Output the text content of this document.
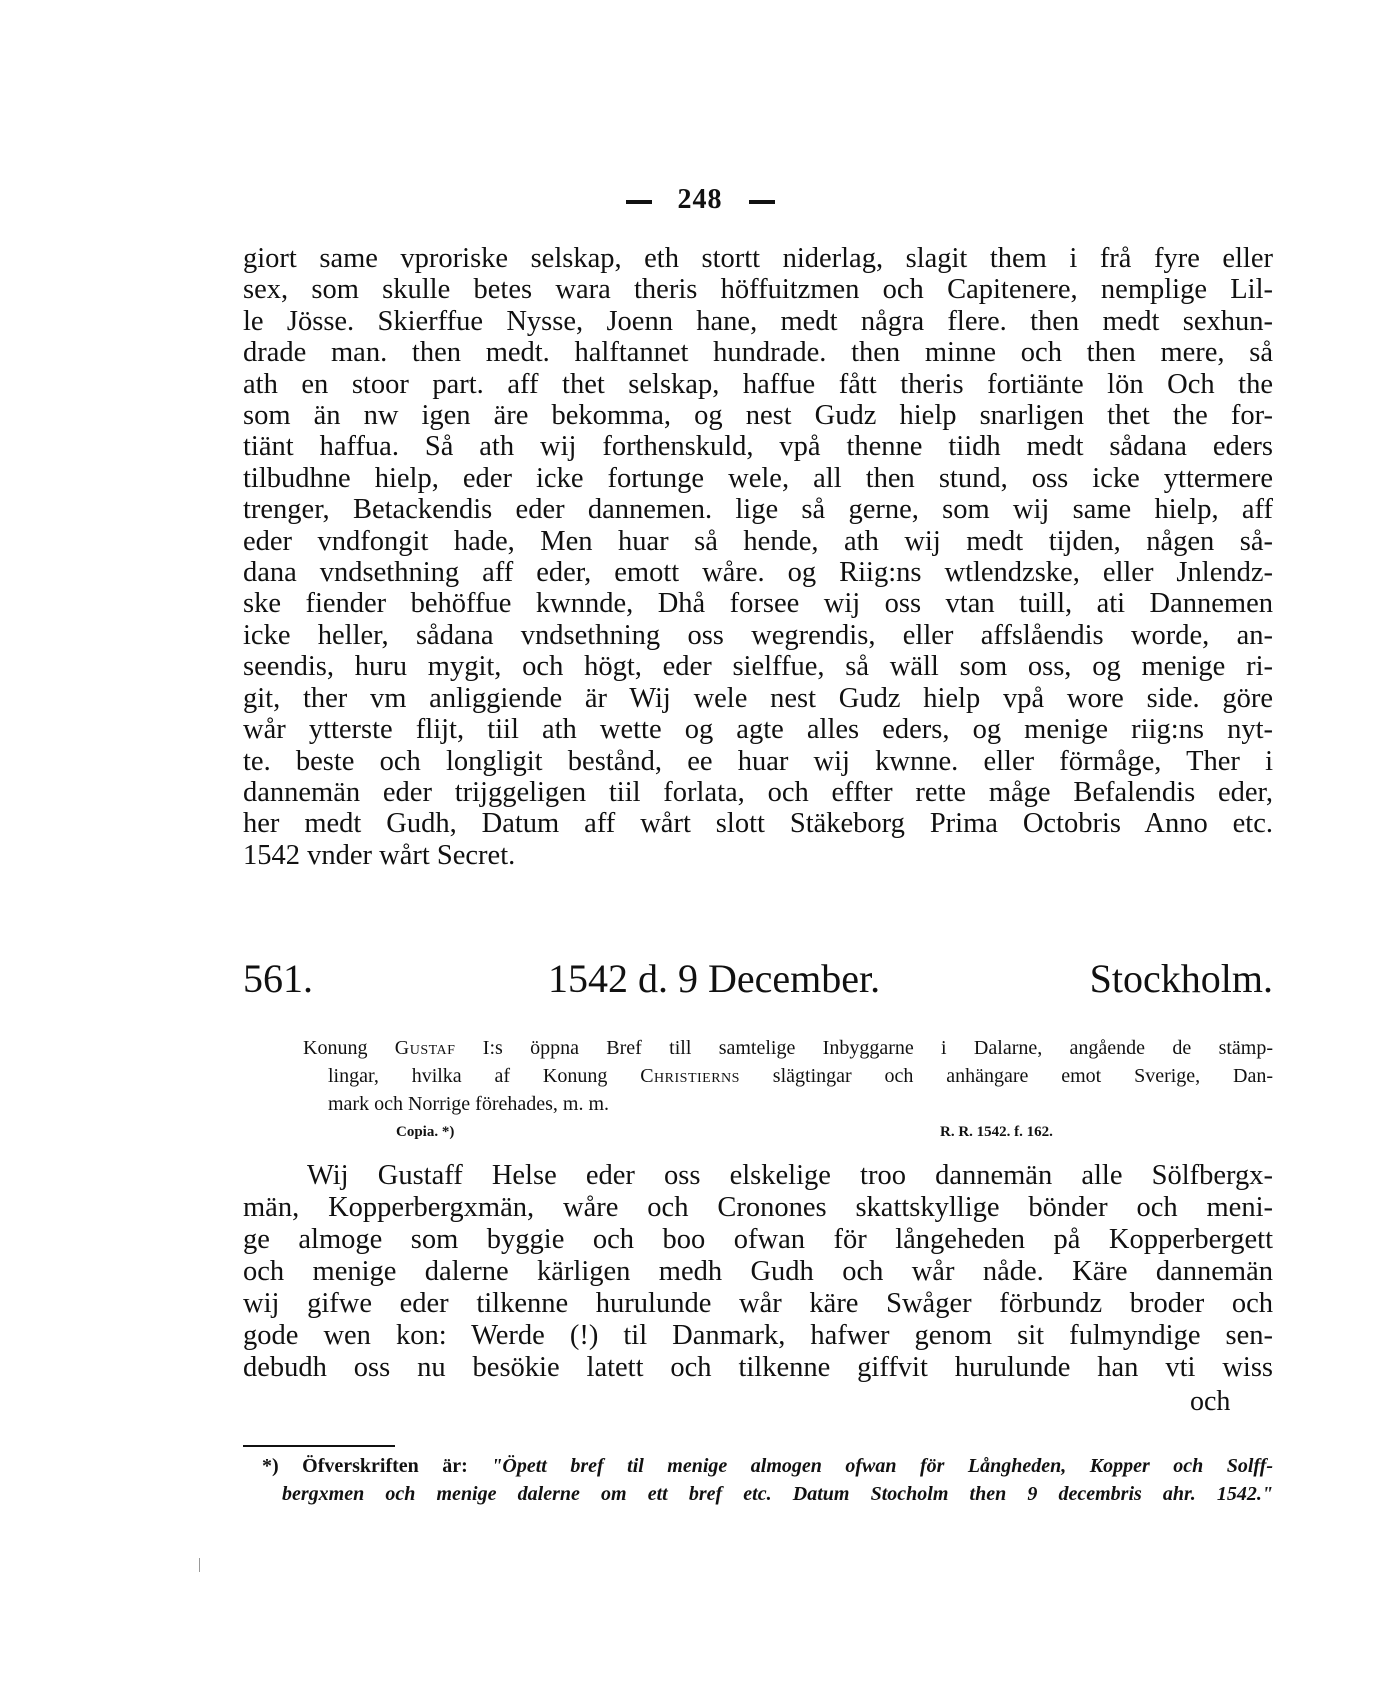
248
giort same vproriske selskap, eth stortt niderlag, slagit them i frå fyre eller
sex, som skulle betes wara theris höffuitzmen och Capitenere, nemplige Lil-
le Jösse. Skierffue Nysse, Joenn hane, medt några flere. then medt sexhun-
drade man. then medt. halftannet hundrade. then minne och then mere, så
ath en stoor part. aff thet selskap, haffue fått theris fortiänte lön Och the
som än nw igen äre bekomma, og nest Gudz hielp snarligen thet the for-
tiänt haffua. Så ath wij forthenskuld, vpå thenne tiidh medt sådana eders
tilbudhne hielp, eder icke fortunge wele, all then stund, oss icke yttermere
trenger, Betackendis eder dannemen. lige så gerne, som wij same hielp, aff
eder vndfongit hade, Men huar så hende, ath wij medt tijden, någen så-
dana vndsethning aff eder, emott wåre. og Riig:ns wtlendzske, eller Jnlendz-
ske fiender behöffue kwnnde, Dhå forsee wij oss vtan tuill, ati Dannemen
icke heller, sådana vndsethning oss wegrendis, eller affslåendis worde, an-
seendis, huru mygit, och högt, eder sielffue, så wäll som oss, og menige ri-
git, ther vm anliggiende är Wij wele nest Gudz hielp vpå wore side. göre
wår ytterste flijt, tiil ath wette og agte alles eders, og menige riig:ns nyt-
te. beste och longligit bestånd, ee huar wij kwnne. eller förmåge, Ther i
dannemän eder trijggeligen tiil forlata, och effter rette måge Befalendis eder,
her medt Gudh, Datum aff wårt slott Stäkeborg Prima Octobris Anno etc.
1542 vnder wårt Secret.
561.	1542 d. 9 December.	Stockholm.
Konung Gustaf I:s öppna Bref till samtelige Inbyggarne i Dalarne, angående de stämp-
lingar, hvilka af Konung Christierns slägtingar och anhängare emot Sverige, Dan-
mark och Norrige förehades, m. m.
Copia. *)	R. R. 1542. f. 162.
Wij Gustaff Helse eder oss elskelige troo dannemän alle Sölfbergx-
män, Kopperbergxmän, wåre och Cronones skattskyllige bönder och meni-
ge almoge som byggie och boo ofwan för långeheden på Kopperbergett
och menige dalerne kärligen medh Gudh och wår nåde. Käre dannemän
wij gifwe eder tilkenne hurulunde wår käre Swåger förbundz broder och
gode wen kon: Werde (!) til Danmark, hafwer genom sit fulmyndige sen-
debudh oss nu besökie latett och tilkenne giffvit hurulunde han vti wiss
och
*) Öfverskriften är: "Öpett bref til menige almogen ofwan för Långheden, Kopper och Solff-
bergxmen och menige dalerne om ett bref etc. Datum Stocholm then 9 decembris ahr. 1542."
